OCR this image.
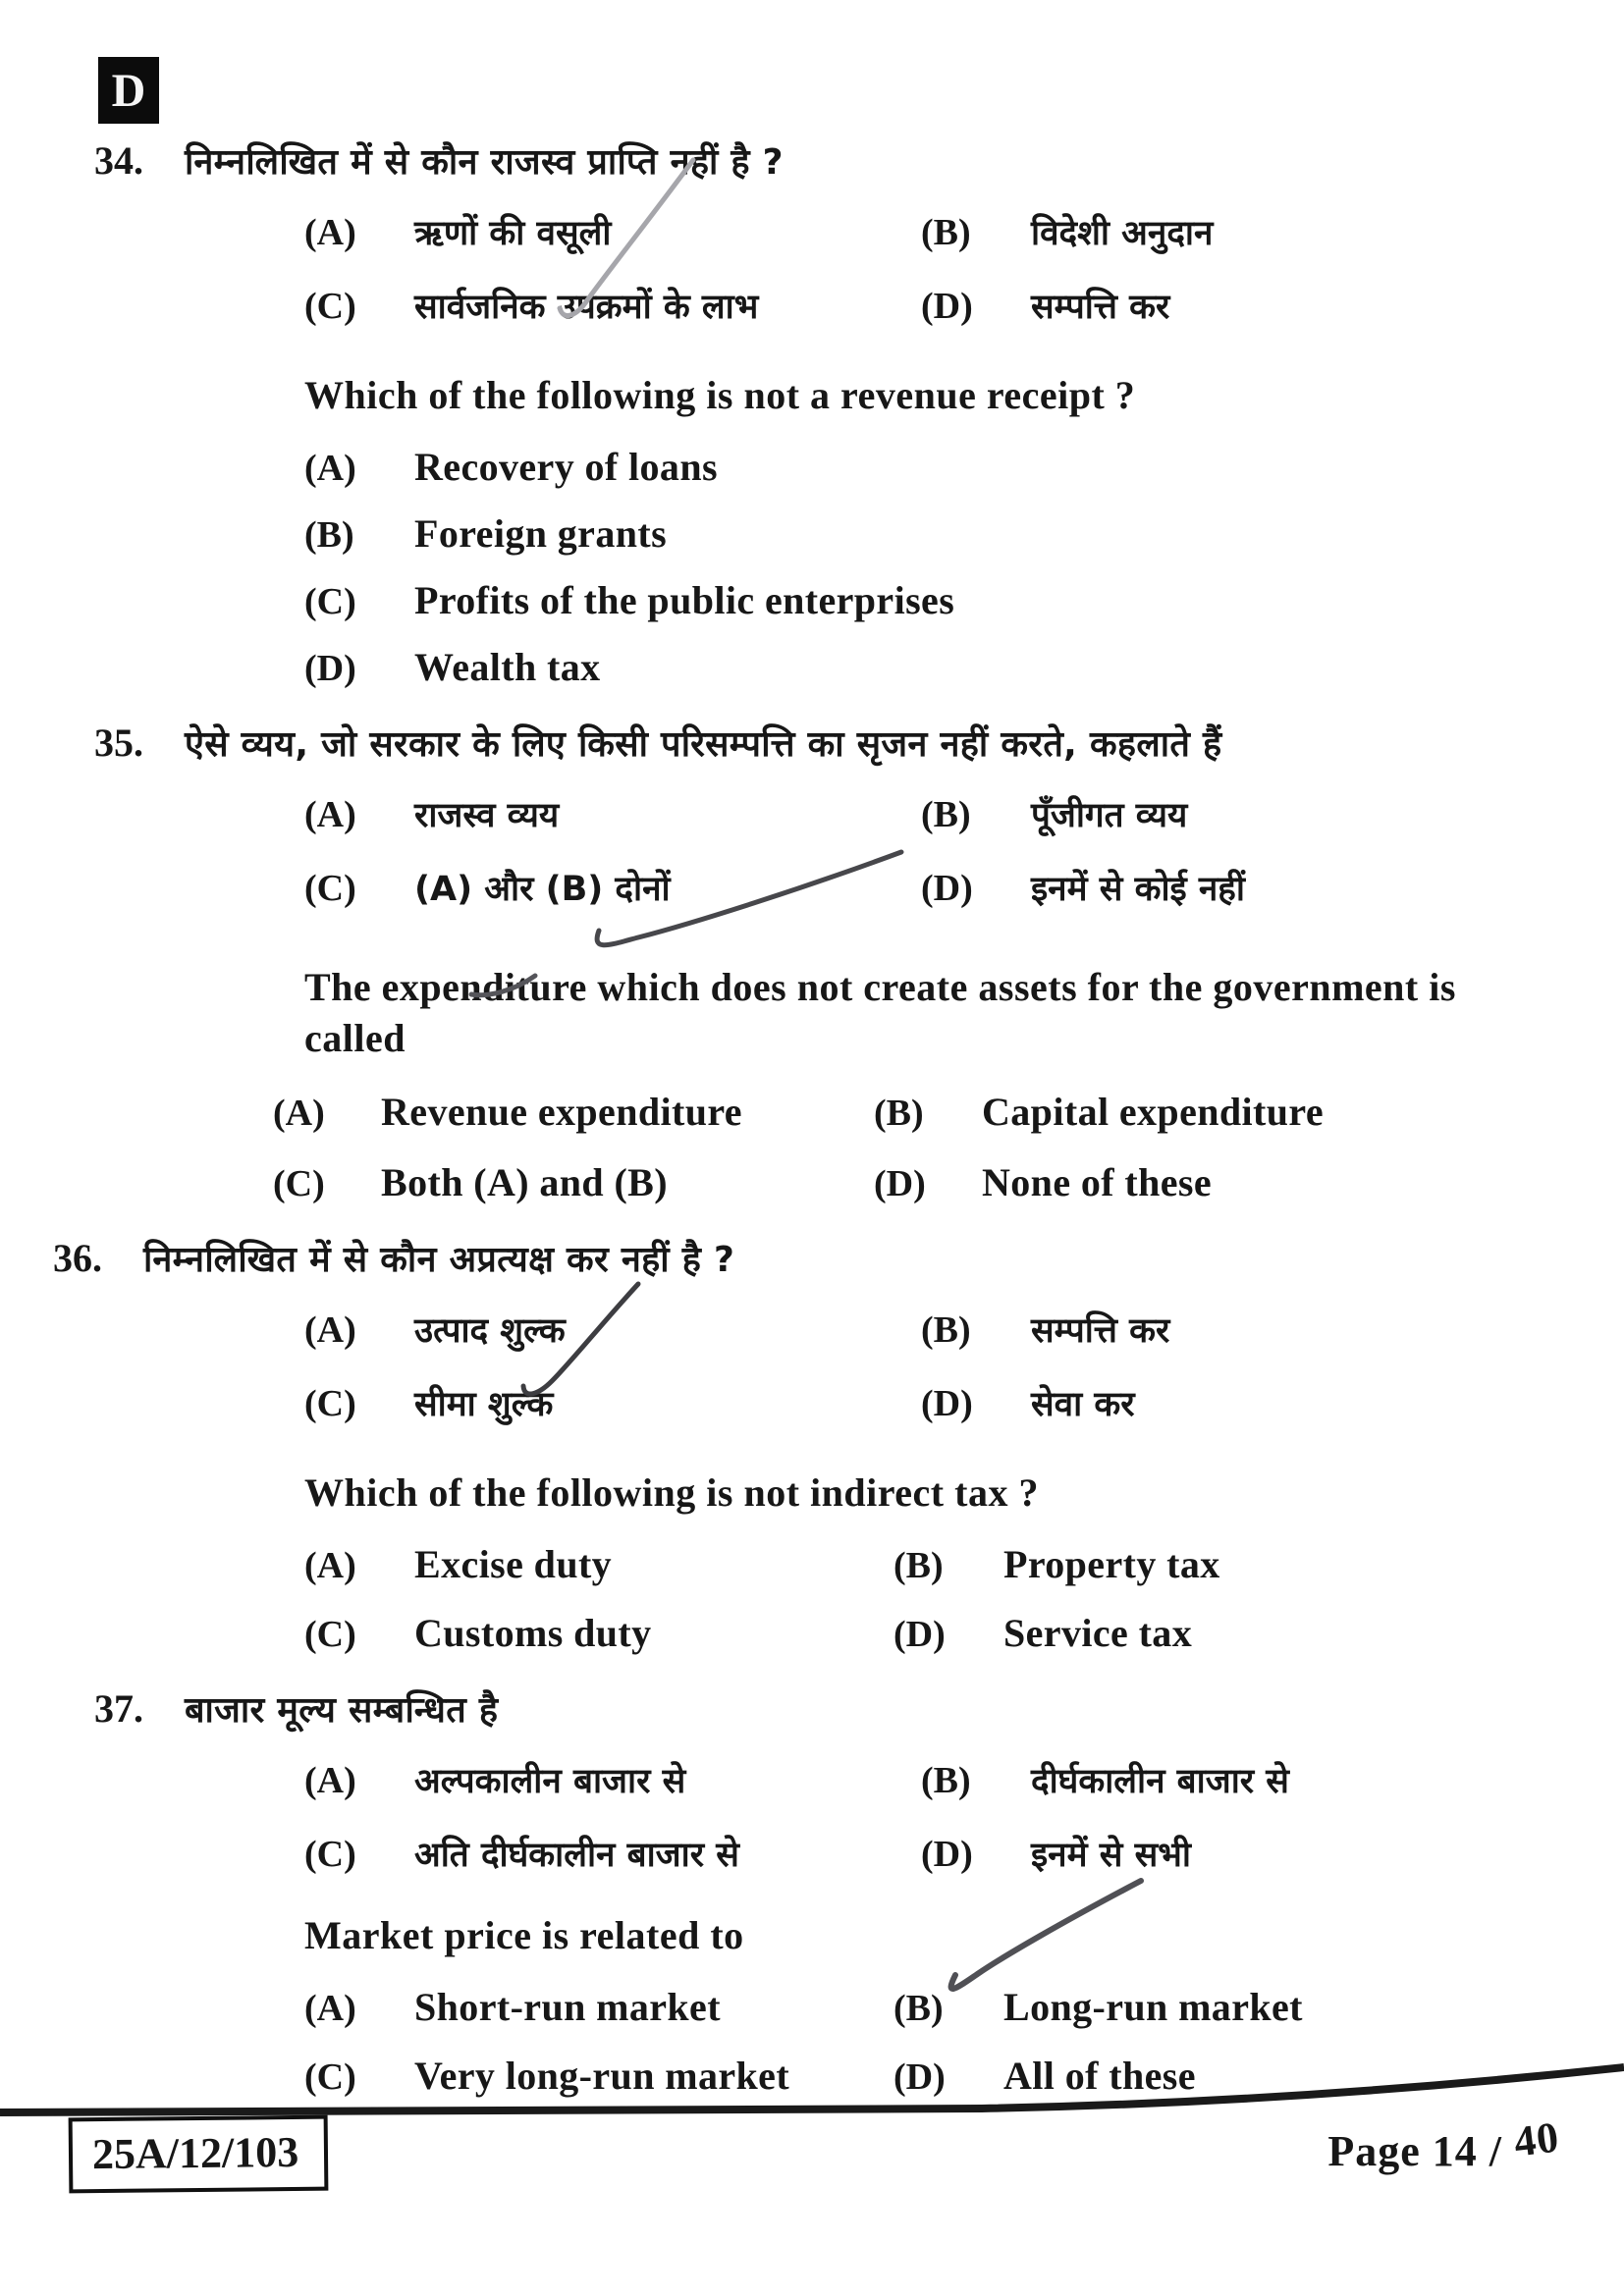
D
34.	निम्नलिखित में से कौन राजस्व प्राप्ति नहीं है ?
(A)	ऋणों की वसूली	(B)	विदेशी अनुदान
(C)	सार्वजनिक उपक्रमों के लाभ	(D)	सम्पत्ति कर
Which of the following is not a revenue receipt ?
(A)	Recovery of loans
(B)	Foreign grants
(C)	Profits of the public enterprises
(D)	Wealth tax
35.	ऐसे व्यय, जो सरकार के लिए किसी परिसम्पत्ति का सृजन नहीं करते, कहलाते हैं
(A)	राजस्व व्यय	(B)	पूँजीगत व्यय
(C)	(A) और (B) दोनों	(D)	इनमें से कोई नहीं
The expenditure which does not create assets for the government is called
(A)	Revenue expenditure	(B)	Capital expenditure
(C)	Both (A) and (B)	(D)	None of these
36.	निम्नलिखित में से कौन अप्रत्यक्ष कर नहीं है ?
(A)	उत्पाद शुल्क	(B)	सम्पत्ति कर
(C)	सीमा शुल्क	(D)	सेवा कर
Which of the following is not indirect tax ?
(A)	Excise duty	(B)	Property tax
(C)	Customs duty	(D)	Service tax
37.	बाजार मूल्य सम्बन्धित है
(A)	अल्पकालीन बाजार से	(B)	दीर्घकालीन बाजार से
(C)	अति दीर्घकालीन बाजार से	(D)	इनमें से सभी
Market price is related to
(A)	Short-run market	(B)	Long-run market
(C)	Very long-run market	(D)	All of these
25A/12/103	Page 14 / 40
